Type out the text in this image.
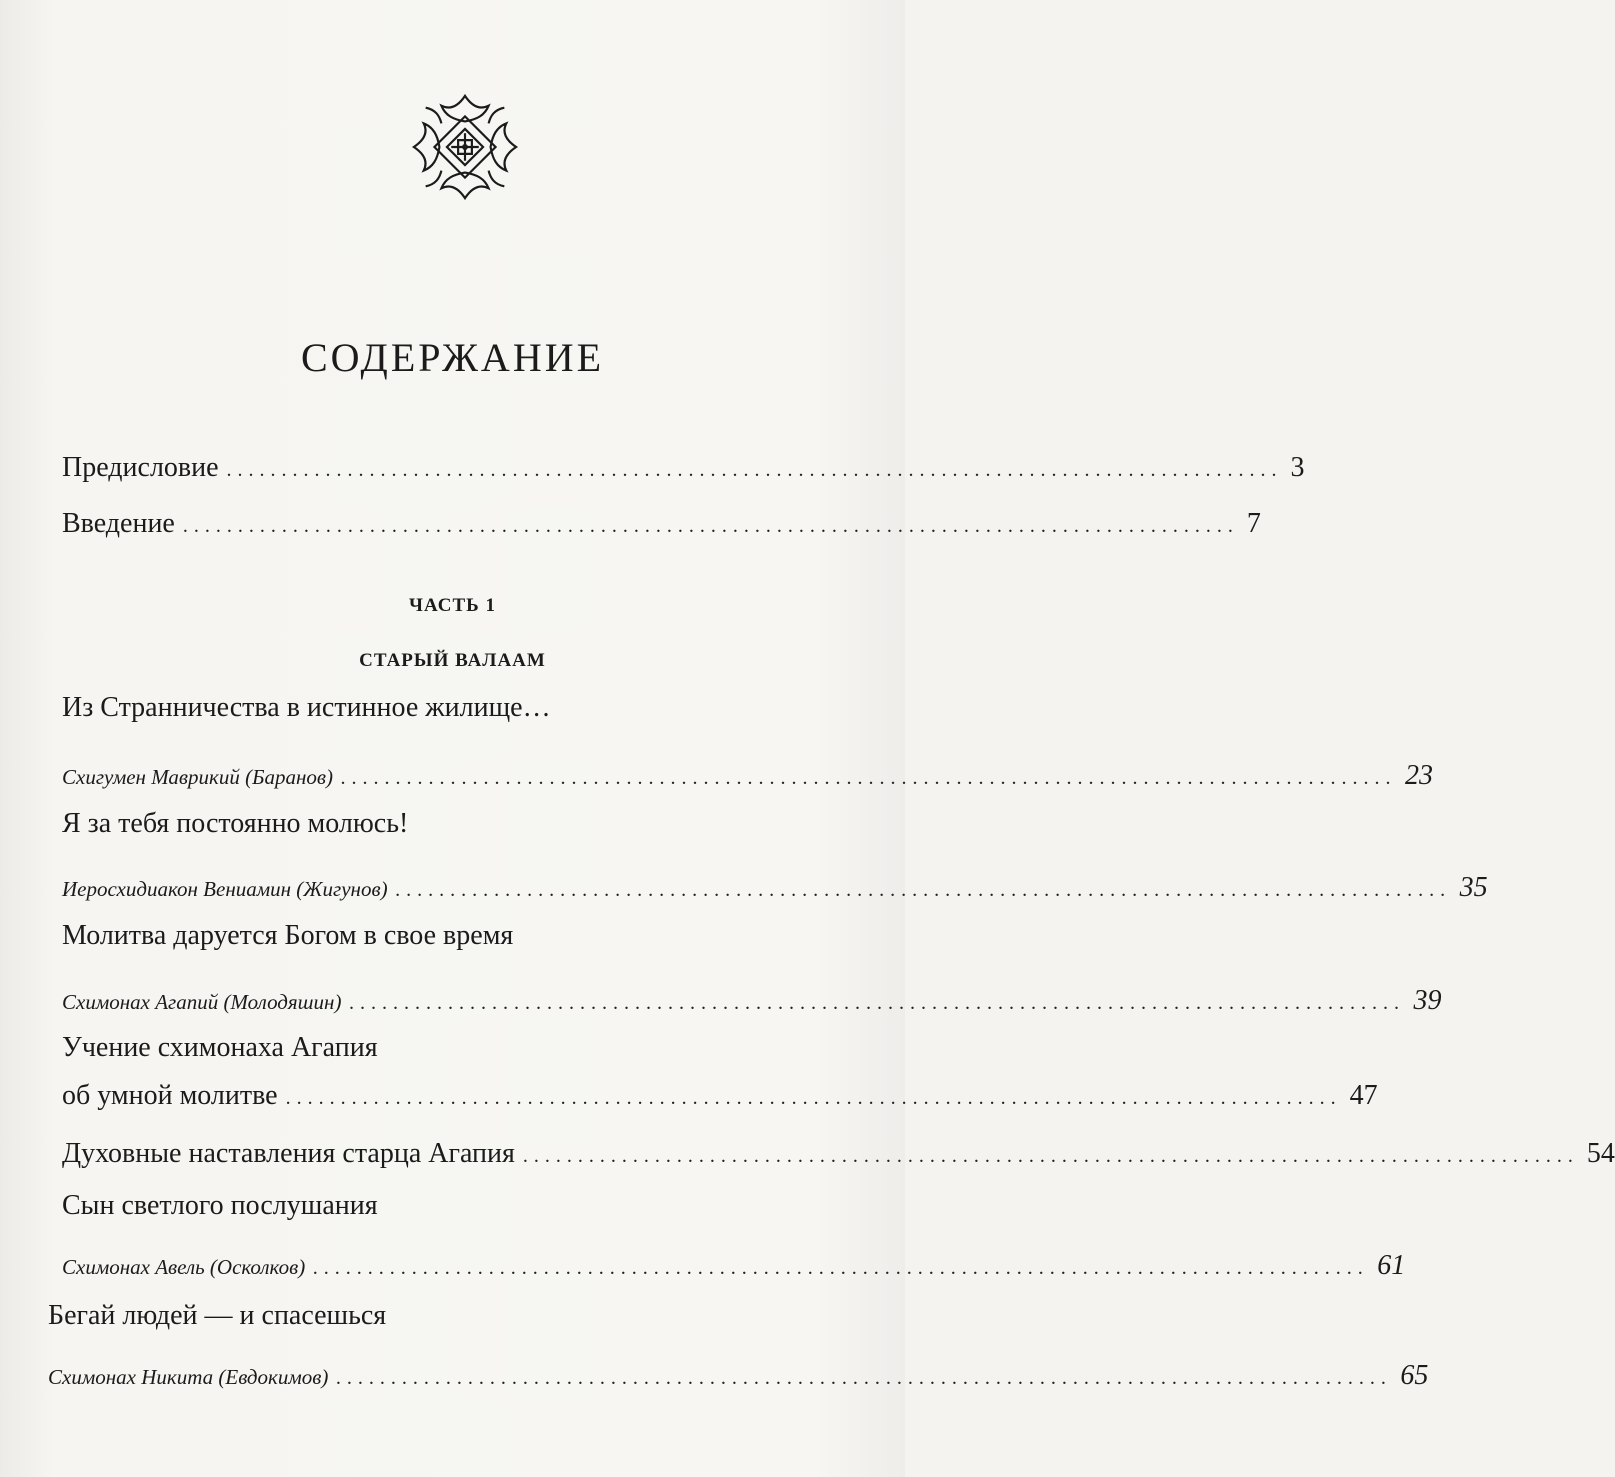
СОДЕРЖАНИЕ
Предисловие ................................................................................................ 3
Введение ................................................................................................ 7
ЧАСТЬ 1
СТАРЫЙ ВАЛААМ
Из Странничества в истинное жилище…
Схигумен Маврикий (Баранов) ................................................................................................ 23
Я за тебя постоянно молюсь!
Иеросхидиакон Вениамин (Жигунов) ................................................................................................ 35
Молитва даруется Богом в свое время
Схимонах Агапий (Молодяшин) ................................................................................................ 39
Учение схимонаха Агапия
об умной молитве ................................................................................................ 47
Духовные наставления старца Агапия ................................................................................................ 54
Сын светлого послушания
Схимонах Авель (Осколков) ................................................................................................ 61
Бегай людей — и спасешься
Схимонах Никита (Евдокимов) ................................................................................................ 65
